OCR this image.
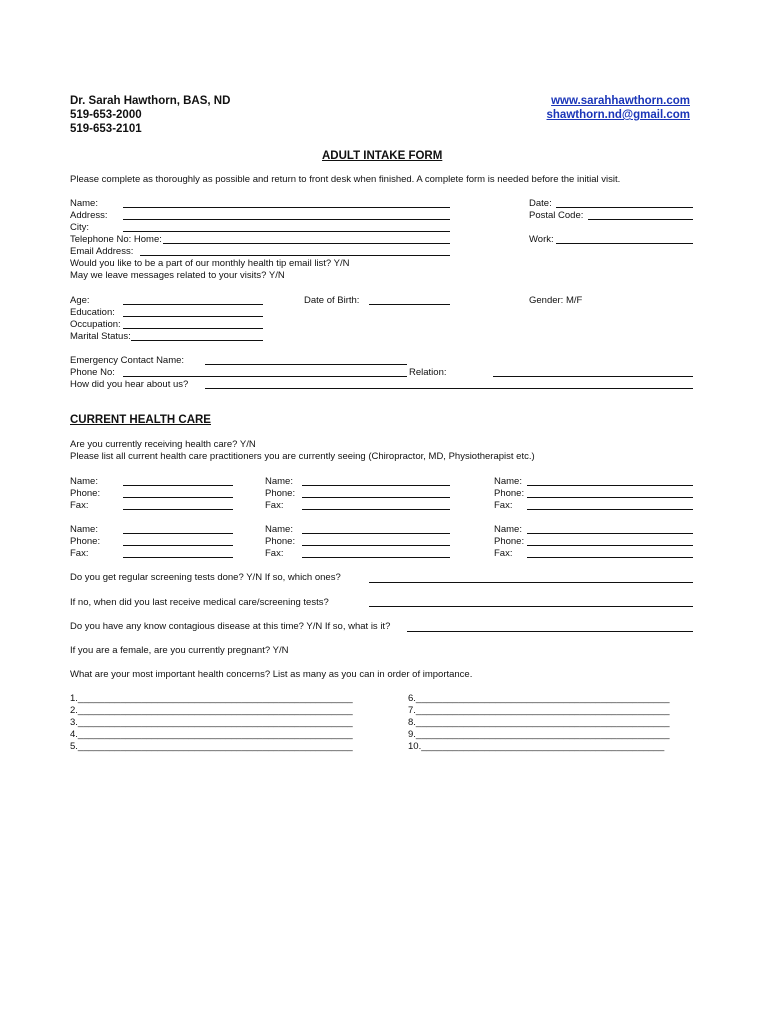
Dr. Sarah Hawthorn, BAS, ND
519-653-2000
519-653-2101
www.sarahhawthorn.com
shawthorn.nd@gmail.com
ADULT INTAKE FORM
Please complete as thoroughly as possible and return to front desk when finished. A complete form is needed before the initial visit.
Name:
Address:
City:
Telephone No: Home:
Email Address:
Would you like to be a part of our monthly health tip email list? Y/N
May we leave messages related to your visits? Y/N
Date:
Postal Code:
Work:
Age:
Education:
Occupation:
Marital Status:
Date of Birth:	Gender: M/F
Emergency Contact Name:
Phone No:	Relation:
How did you hear about us?
CURRENT HEALTH CARE
Are you currently receiving health care? Y/N
Please list all current health care practitioners you are currently seeing (Chiropractor, MD, Physiotherapist etc.)
Name:
Phone:
Fax:
Name:
Phone:
Fax:
Name:
Phone:
Fax:
Name:
Phone:
Fax:
Name:
Phone:
Fax:
Name:
Phone:
Fax:
Do you get regular screening tests done? Y/N If so, which ones?
If no, when did you last receive medical care/screening tests?
Do you have any know contagious disease at this time? Y/N If so, what is it?
If you are a female, are you currently pregnant? Y/N
What are your most important health concerns? List as many as you can in order of importance.
1.____________________________________________________
2.____________________________________________________
3.____________________________________________________
4.____________________________________________________
5.____________________________________________________
6.________________________________________________
7.________________________________________________
8.________________________________________________
9.________________________________________________
10.______________________________________________
